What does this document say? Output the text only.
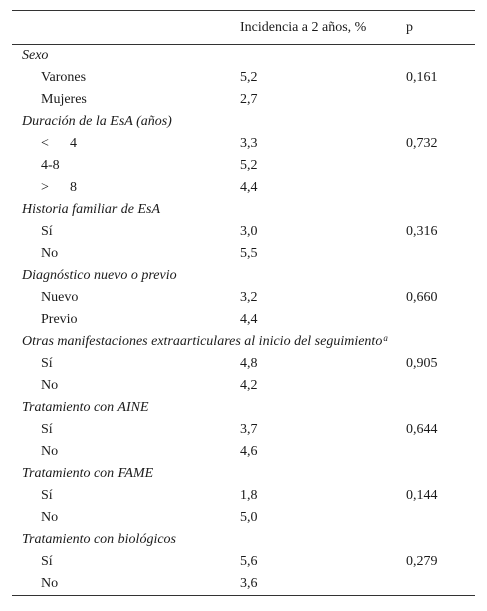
Incidencia a 2 años, %	p
Sexo
Varones	5,2	0,161
Mujeres	2,7
Duración de la EsA (años)
< 4	3,3	0,732
4-8	5,2
> 8	4,4
Historia familiar de EsA
Sí	3,0	0,316
No	5,5
Diagnóstico nuevo o previo
Nuevo	3,2	0,660
Previo	4,4
Otras manifestaciones extraarticulares al inicio del seguimiento$^a$
Sí	4,8	0,905
No	4,2
Tratamiento con AINE
Sí	3,7	0,644
No	4,6
Tratamiento con FAME
Sí	1,8	0,144
No	5,0
Tratamiento con biológicos
Sí	5,6	0,279
No	3,6
